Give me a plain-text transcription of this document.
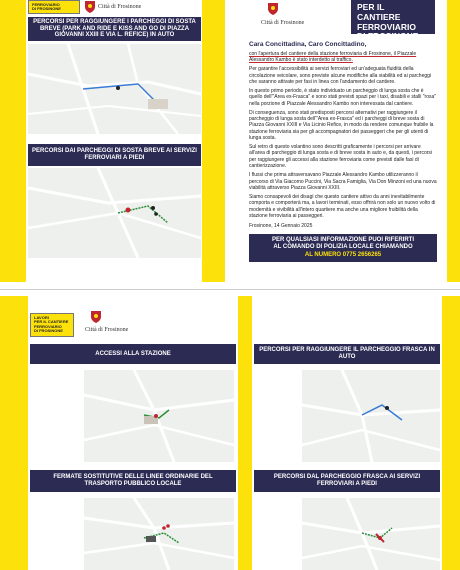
FERROVIARIO
DI FROSINONE	Città di Frosinone
PERCORSI PER RAGGIUNGERE I PARCHEGGI DI SOSTA BREVE (PARK AND RIDE E KISS AND GO DI PIAZZA GIOVANNI XXIII E VIA L. REFICE) IN AUTO
PERCORSI DAI PARCHEGGI DI SOSTA BREVE AI SERVIZI FERROVIARI A PIEDI
Città di Frosinone
PER IL CANTIERE
FERROVIARIO
DI FROSINONE
Cara Concittadina, Caro Concittadino,

con l'apertura del cantiere della stazione ferroviaria di Frosinone, il Piazzale Alessandro Kambo è stato interdetto al traffico.

Per garantire l'accessibilità ai servizi ferroviari ed un'adeguata fluidità della circolazione veicolare, sono previste alcune modifiche alla viabilità ed ai parcheggi che saranno attivate per fasi in linea con l'andamento del cantiere.

In questo primo periodo, è stato individuato un parcheggio di lunga sosta che è quello dell'"Area ex-Frasca" e sono stati previsti spazi per i taxi, disabili e stalli "rosa" nella porzione di Piazzale Alessandro Kambo non interessata dal cantiere.

Di conseguenza, sono stati predisposti percorsi alternativi per raggiungere il parcheggio di lunga sosta dell'"Area ex-Frasca" ed i parcheggi di breve sosta di Piazza Giovanni XXIII e Via Licinio Refice, in modo da rendere comunque fruibile la stazione ferroviaria sia per gli accompagnatori dei passeggeri che per gli utenti di lunga sosta.

Sul retro di questo volantino sono descritti graficamente i percorsi per arrivare all'area di parcheggio di lunga sosta e di breve sosta in auto e, da questi, i percorsi per raggiungere gli accessi alla stazione ferroviaria come previsti dalle fasi di cantierizzazione.

I flussi che prima attraversavano Piazzale Alessandro Kambo utilizzeranno il percorso di Via Giacomo Puccini, Via Sacra Famiglia, Via Don Minzoni ed una nuova viabilità attraverso Piazza Giovanni XXIII.

Siamo consapevoli dei disagi che questo cantiere attivo da anni inevitabilmente comporta e comporterà ma, a lavori terminati, esso offrirà non solo un nuovo volto di modernità e vivibilità all'intero quartiere ma anche una migliore fruibilità della stazione ferroviaria ai passeggeri.

Frosinone, 14 Gennaio 2025
PER QUALSIASI INFORMAZIONE PUOI RIFERIRTI
AL COMANDO DI POLIZIA LOCALE CHIAMANDO
AL NUMERO 0775 2656265
LAVORI
PER IL CANTIERE
FERROVIARIO
DI FROSINONE	Città di Frosinone
ACCESSI ALLA STAZIONE
PERCORSI PER RAGGIUNGERE IL PARCHEGGIO FRASCA IN AUTO
FERMATE SOSTITUTIVE DELLE LINEE ORDINARIE DEL TRASPORTO PUBBLICO LOCALE
PERCORSI DAL PARCHEGGIO FRASCA AI SERVIZI FERROVIARI A PIEDI
